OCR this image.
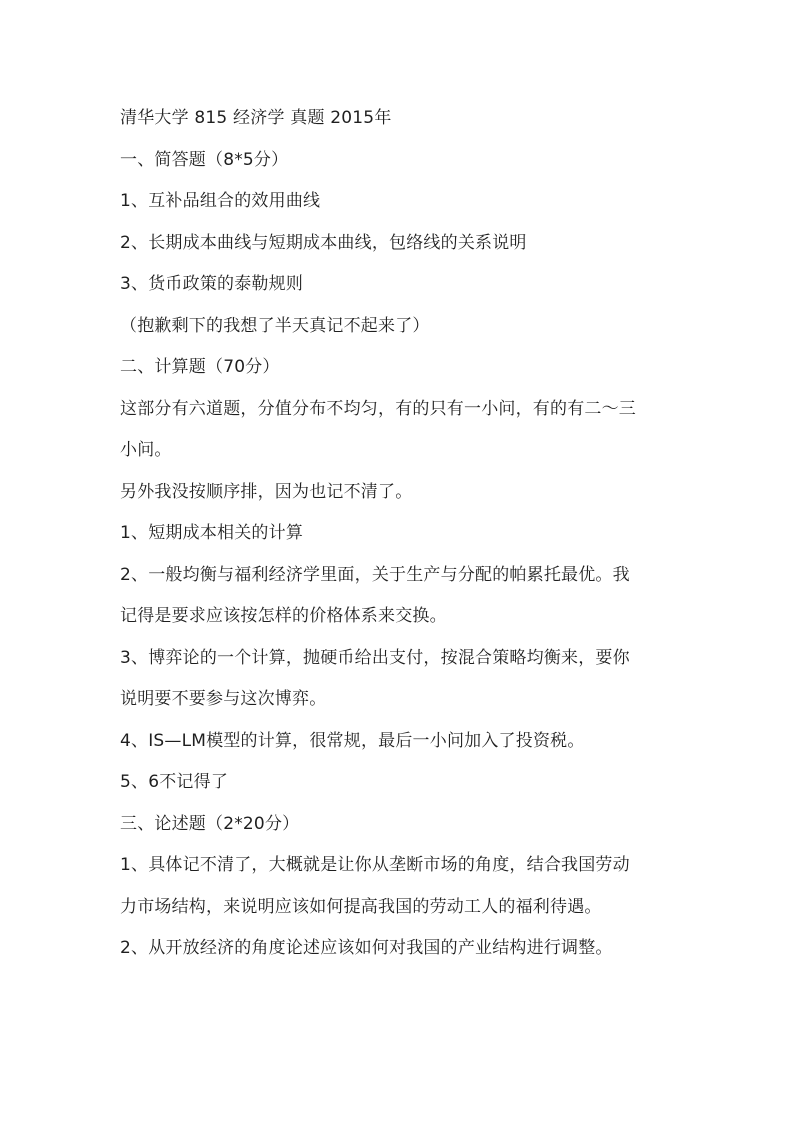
清华大学 815 经济学 真题 2015年
一、简答题（8*5分）
1、互补品组合的效用曲线
2、长期成本曲线与短期成本曲线，包络线的关系说明
3、货币政策的泰勒规则
（抱歉剩下的我想了半天真记不起来了）
二、计算题（70分）
这部分有六道题，分值分布不均匀，有的只有一小问，有的有二～三
小问。
另外我没按顺序排，因为也记不清了。
1、短期成本相关的计算
2、一般均衡与福利经济学里面，关于生产与分配的帕累托最优。我
记得是要求应该按怎样的价格体系来交换。
3、博弈论的一个计算，抛硬币给出支付，按混合策略均衡来，要你
说明要不要参与这次博弈。
4、IS—LM模型的计算，很常规，最后一小问加入了投资税。
5、6不记得了
三、论述题（2*20分）
1、具体记不清了，大概就是让你从垄断市场的角度，结合我国劳动
力市场结构，来说明应该如何提高我国的劳动工人的福利待遇。
2、从开放经济的角度论述应该如何对我国的产业结构进行调整。
